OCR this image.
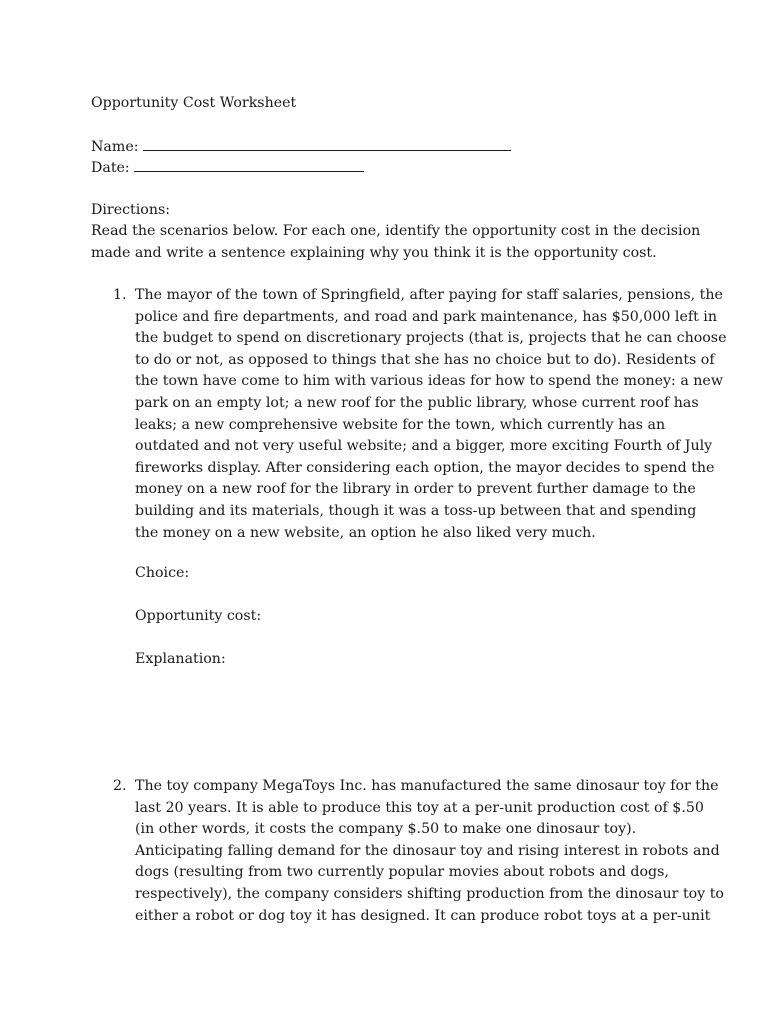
Opportunity Cost Worksheet
Name:
Date:
Directions:
Read the scenarios below. For each one, identify the opportunity cost in the decision
made and write a sentence explaining why you think it is the opportunity cost.
1. The mayor of the town of Springfield, after paying for staff salaries, pensions, the
police and fire departments, and road and park maintenance, has $50,000 left in
the budget to spend on discretionary projects (that is, projects that he can choose
to do or not, as opposed to things that she has no choice but to do). Residents of
the town have come to him with various ideas for how to spend the money: a new
park on an empty lot; a new roof for the public library, whose current roof has
leaks; a new comprehensive website for the town, which currently has an
outdated and not very useful website; and a bigger, more exciting Fourth of July
fireworks display. After considering each option, the mayor decides to spend the
money on a new roof for the library in order to prevent further damage to the
building and its materials, though it was a toss-up between that and spending
the money on a new website, an option he also liked very much.
Choice:
Opportunity cost:
Explanation:
2. The toy company MegaToys Inc. has manufactured the same dinosaur toy for the
last 20 years. It is able to produce this toy at a per-unit production cost of $.50
(in other words, it costs the company $.50 to make one dinosaur toy).
Anticipating falling demand for the dinosaur toy and rising interest in robots and
dogs (resulting from two currently popular movies about robots and dogs,
respectively), the company considers shifting production from the dinosaur toy to
either a robot or dog toy it has designed. It can produce robot toys at a per-unit
